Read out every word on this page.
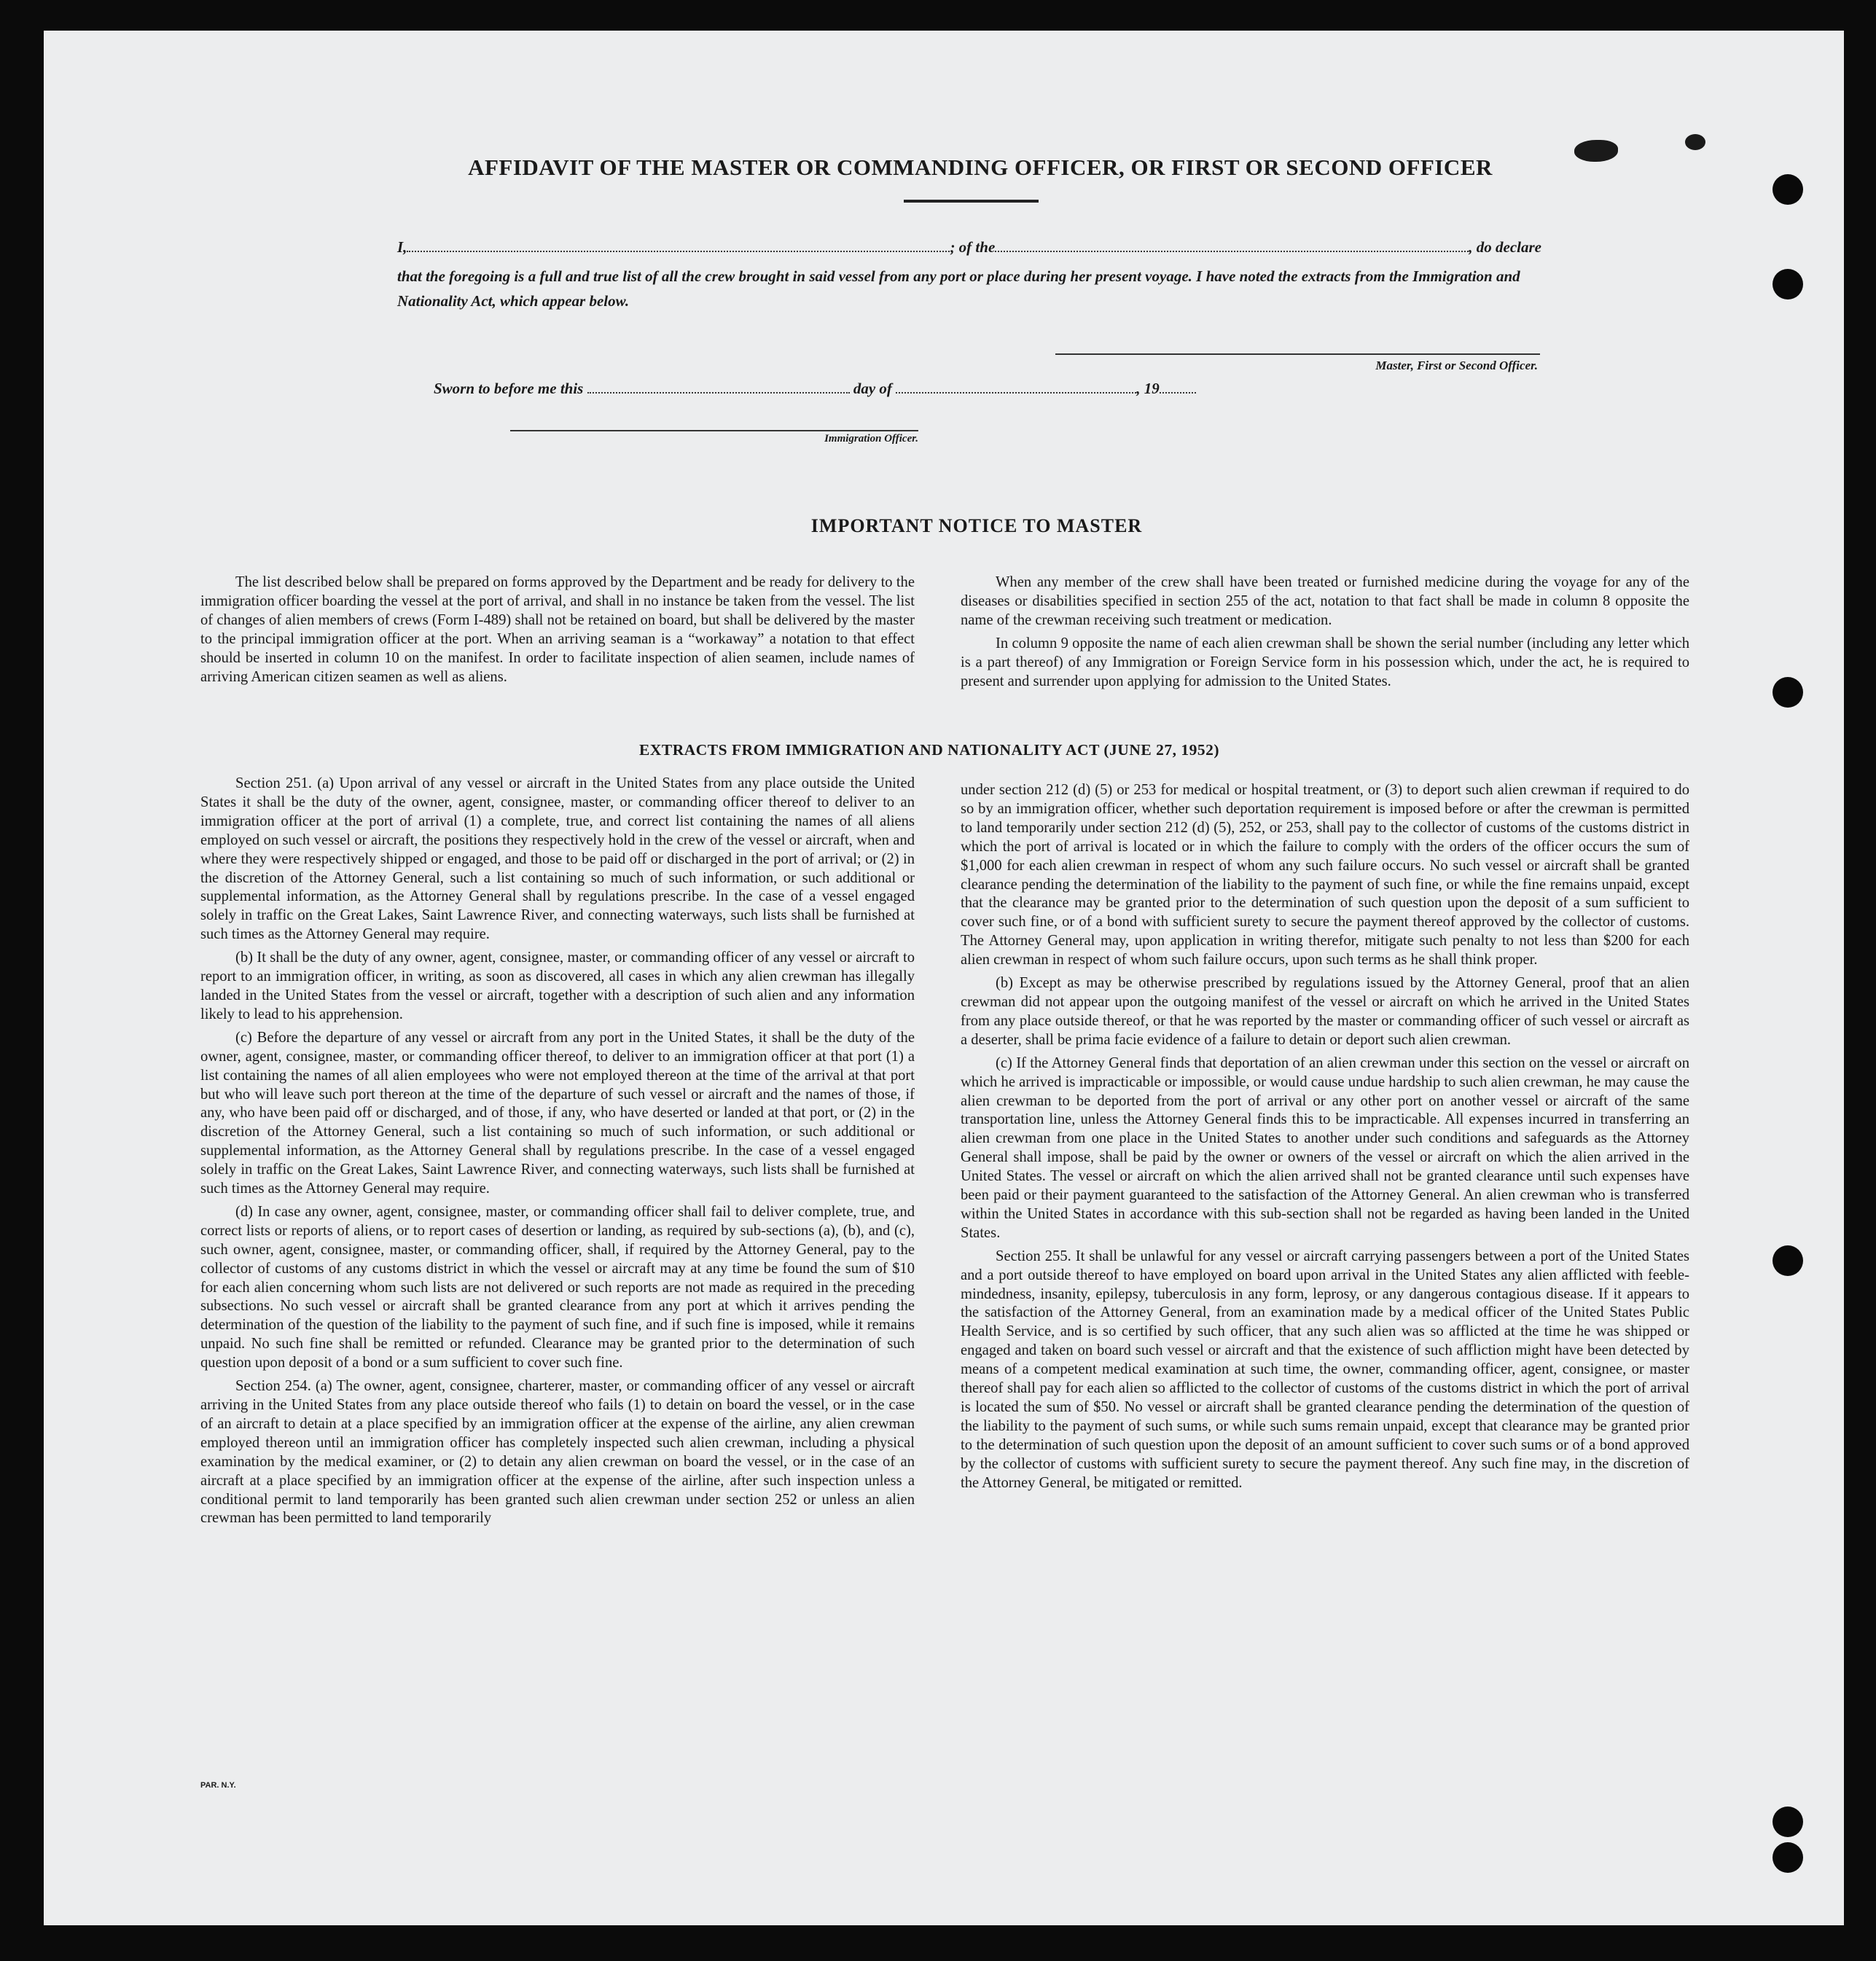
AFFIDAVIT OF THE MASTER OR COMMANDING OFFICER, OR FIRST OR SECOND OFFICER
I,	; of the	, do declare
that the foregoing is a full and true list of all the crew brought in said vessel from any port or place during her present voyage. I have noted the extracts from the Immigration and Nationality Act, which appear below.
Master, First or Second Officer.
Sworn to before me this	day of	, 19
Immigration Officer.
IMPORTANT NOTICE TO MASTER

The list described below shall be prepared on forms approved by the Department and be ready for delivery to the immigration officer boarding the vessel at the port of arrival, and shall in no instance be taken from the vessel. The list of changes of alien members of crews (Form I-489) shall not be retained on board, but shall be delivered by the master to the principal immigration officer at the port. When an arriving seaman is a “workaway” a notation to that effect should be inserted in column 10 on the manifest. In order to facilitate inspection of alien seamen, include names of arriving American citizen seamen as well as aliens.

When any member of the crew shall have been treated or furnished medicine during the voyage for any of the diseases or disabilities specified in section 255 of the act, notation to that fact shall be made in column 8 opposite the name of the crewman receiving such treatment or medication.

In column 9 opposite the name of each alien crewman shall be shown the serial number (including any letter which is a part thereof) of any Immigration or Foreign Service form in his possession which, under the act, he is required to present and surrender upon applying for admission to the United States.

EXTRACTS FROM IMMIGRATION AND NATIONALITY ACT (JUNE 27, 1952)

Section 251. (a) Upon arrival of any vessel or aircraft in the United States from any place outside the United States it shall be the duty of the owner, agent, consignee, master, or commanding officer thereof to deliver to an immigration officer at the port of arrival (1) a complete, true, and correct list containing the names of all aliens employed on such vessel or aircraft, the positions they respectively hold in the crew of the vessel or aircraft, when and where they were respectively shipped or engaged, and those to be paid off or discharged in the port of arrival; or (2) in the discretion of the Attorney General, such a list containing so much of such information, or such additional or supplemental information, as the Attorney General shall by regulations prescribe. In the case of a vessel engaged solely in traffic on the Great Lakes, Saint Lawrence River, and connecting waterways, such lists shall be furnished at such times as the Attorney General may require.

(b) It shall be the duty of any owner, agent, consignee, master, or commanding officer of any vessel or aircraft to report to an immigration officer, in writing, as soon as discovered, all cases in which any alien crewman has illegally landed in the United States from the vessel or aircraft, together with a description of such alien and any information likely to lead to his apprehension.

(c) Before the departure of any vessel or aircraft from any port in the United States, it shall be the duty of the owner, agent, consignee, master, or commanding officer thereof, to deliver to an immigration officer at that port (1) a list containing the names of all alien employees who were not employed thereon at the time of the arrival at that port but who will leave such port thereon at the time of the departure of such vessel or aircraft and the names of those, if any, who have been paid off or discharged, and of those, if any, who have deserted or landed at that port, or (2) in the discretion of the Attorney General, such a list containing so much of such information, or such additional or supplemental information, as the Attorney General shall by regulations prescribe. In the case of a vessel engaged solely in traffic on the Great Lakes, Saint Lawrence River, and connecting waterways, such lists shall be furnished at such times as the Attorney General may require.

(d) In case any owner, agent, consignee, master, or commanding officer shall fail to deliver complete, true, and correct lists or reports of aliens, or to report cases of desertion or landing, as required by sub-sections (a), (b), and (c), such owner, agent, consignee, master, or commanding officer, shall, if required by the Attorney General, pay to the collector of customs of any customs district in which the vessel or aircraft may at any time be found the sum of $10 for each alien concerning whom such lists are not delivered or such reports are not made as required in the preceding subsections. No such vessel or aircraft shall be granted clearance from any port at which it arrives pending the determination of the question of the liability to the payment of such fine, and if such fine is imposed, while it remains unpaid. No such fine shall be remitted or refunded. Clearance may be granted prior to the determination of such question upon deposit of a bond or a sum sufficient to cover such fine.

Section 254. (a) The owner, agent, consignee, charterer, master, or commanding officer of any vessel or aircraft arriving in the United States from any place outside thereof who fails (1) to detain on board the vessel, or in the case of an aircraft to detain at a place specified by an immigration officer at the expense of the airline, any alien crewman employed thereon until an immigration officer has completely inspected such alien crewman, including a physical examination by the medical examiner, or (2) to detain any alien crewman on board the vessel, or in the case of an aircraft at a place specified by an immigration officer at the expense of the airline, after such inspection unless a conditional permit to land temporarily has been granted such alien crewman under section 252 or unless an alien crewman has been permitted to land temporarily

under section 212 (d) (5) or 253 for medical or hospital treatment, or (3) to deport such alien crewman if required to do so by an immigration officer, whether such deportation requirement is imposed before or after the crewman is permitted to land temporarily under section 212 (d) (5), 252, or 253, shall pay to the collector of customs of the customs district in which the port of arrival is located or in which the failure to comply with the orders of the officer occurs the sum of $1,000 for each alien crewman in respect of whom any such failure occurs. No such vessel or aircraft shall be granted clearance pending the determination of the liability to the payment of such fine, or while the fine remains unpaid, except that the clearance may be granted prior to the determination of such question upon the deposit of a sum sufficient to cover such fine, or of a bond with sufficient surety to secure the payment thereof approved by the collector of customs. The Attorney General may, upon application in writing therefor, mitigate such penalty to not less than $200 for each alien crewman in respect of whom such failure occurs, upon such terms as he shall think proper.

(b) Except as may be otherwise prescribed by regulations issued by the Attorney General, proof that an alien crewman did not appear upon the outgoing manifest of the vessel or aircraft on which he arrived in the United States from any place outside thereof, or that he was reported by the master or commanding officer of such vessel or aircraft as a deserter, shall be prima facie evidence of a failure to detain or deport such alien crewman.

(c) If the Attorney General finds that deportation of an alien crewman under this section on the vessel or aircraft on which he arrived is impracticable or impossible, or would cause undue hardship to such alien crewman, he may cause the alien crewman to be deported from the port of arrival or any other port on another vessel or aircraft of the same transportation line, unless the Attorney General finds this to be impracticable. All expenses incurred in transferring an alien crewman from one place in the United States to another under such conditions and safeguards as the Attorney General shall impose, shall be paid by the owner or owners of the vessel or aircraft on which the alien arrived in the United States. The vessel or aircraft on which the alien arrived shall not be granted clearance until such expenses have been paid or their payment guaranteed to the satisfaction of the Attorney General. An alien crewman who is transferred within the United States in accordance with this sub-section shall not be regarded as having been landed in the United States.

Section 255. It shall be unlawful for any vessel or aircraft carrying passengers between a port of the United States and a port outside thereof to have employed on board upon arrival in the United States any alien afflicted with feeble-mindedness, insanity, epilepsy, tuberculosis in any form, leprosy, or any dangerous contagious disease. If it appears to the satisfaction of the Attorney General, from an examination made by a medical officer of the United States Public Health Service, and is so certified by such officer, that any such alien was so afflicted at the time he was shipped or engaged and taken on board such vessel or aircraft and that the existence of such affliction might have been detected by means of a competent medical examination at such time, the owner, commanding officer, agent, consignee, or master thereof shall pay for each alien so afflicted to the collector of customs of the customs district in which the port of arrival is located the sum of $50. No vessel or aircraft shall be granted clearance pending the determination of the question of the liability to the payment of such sums, or while such sums remain unpaid, except that clearance may be granted prior to the determination of such question upon the deposit of an amount sufficient to cover such sums or of a bond approved by the collector of customs with sufficient surety to secure the payment thereof. Any such fine may, in the discretion of the Attorney General, be mitigated or remitted.

PAR. N.Y.
